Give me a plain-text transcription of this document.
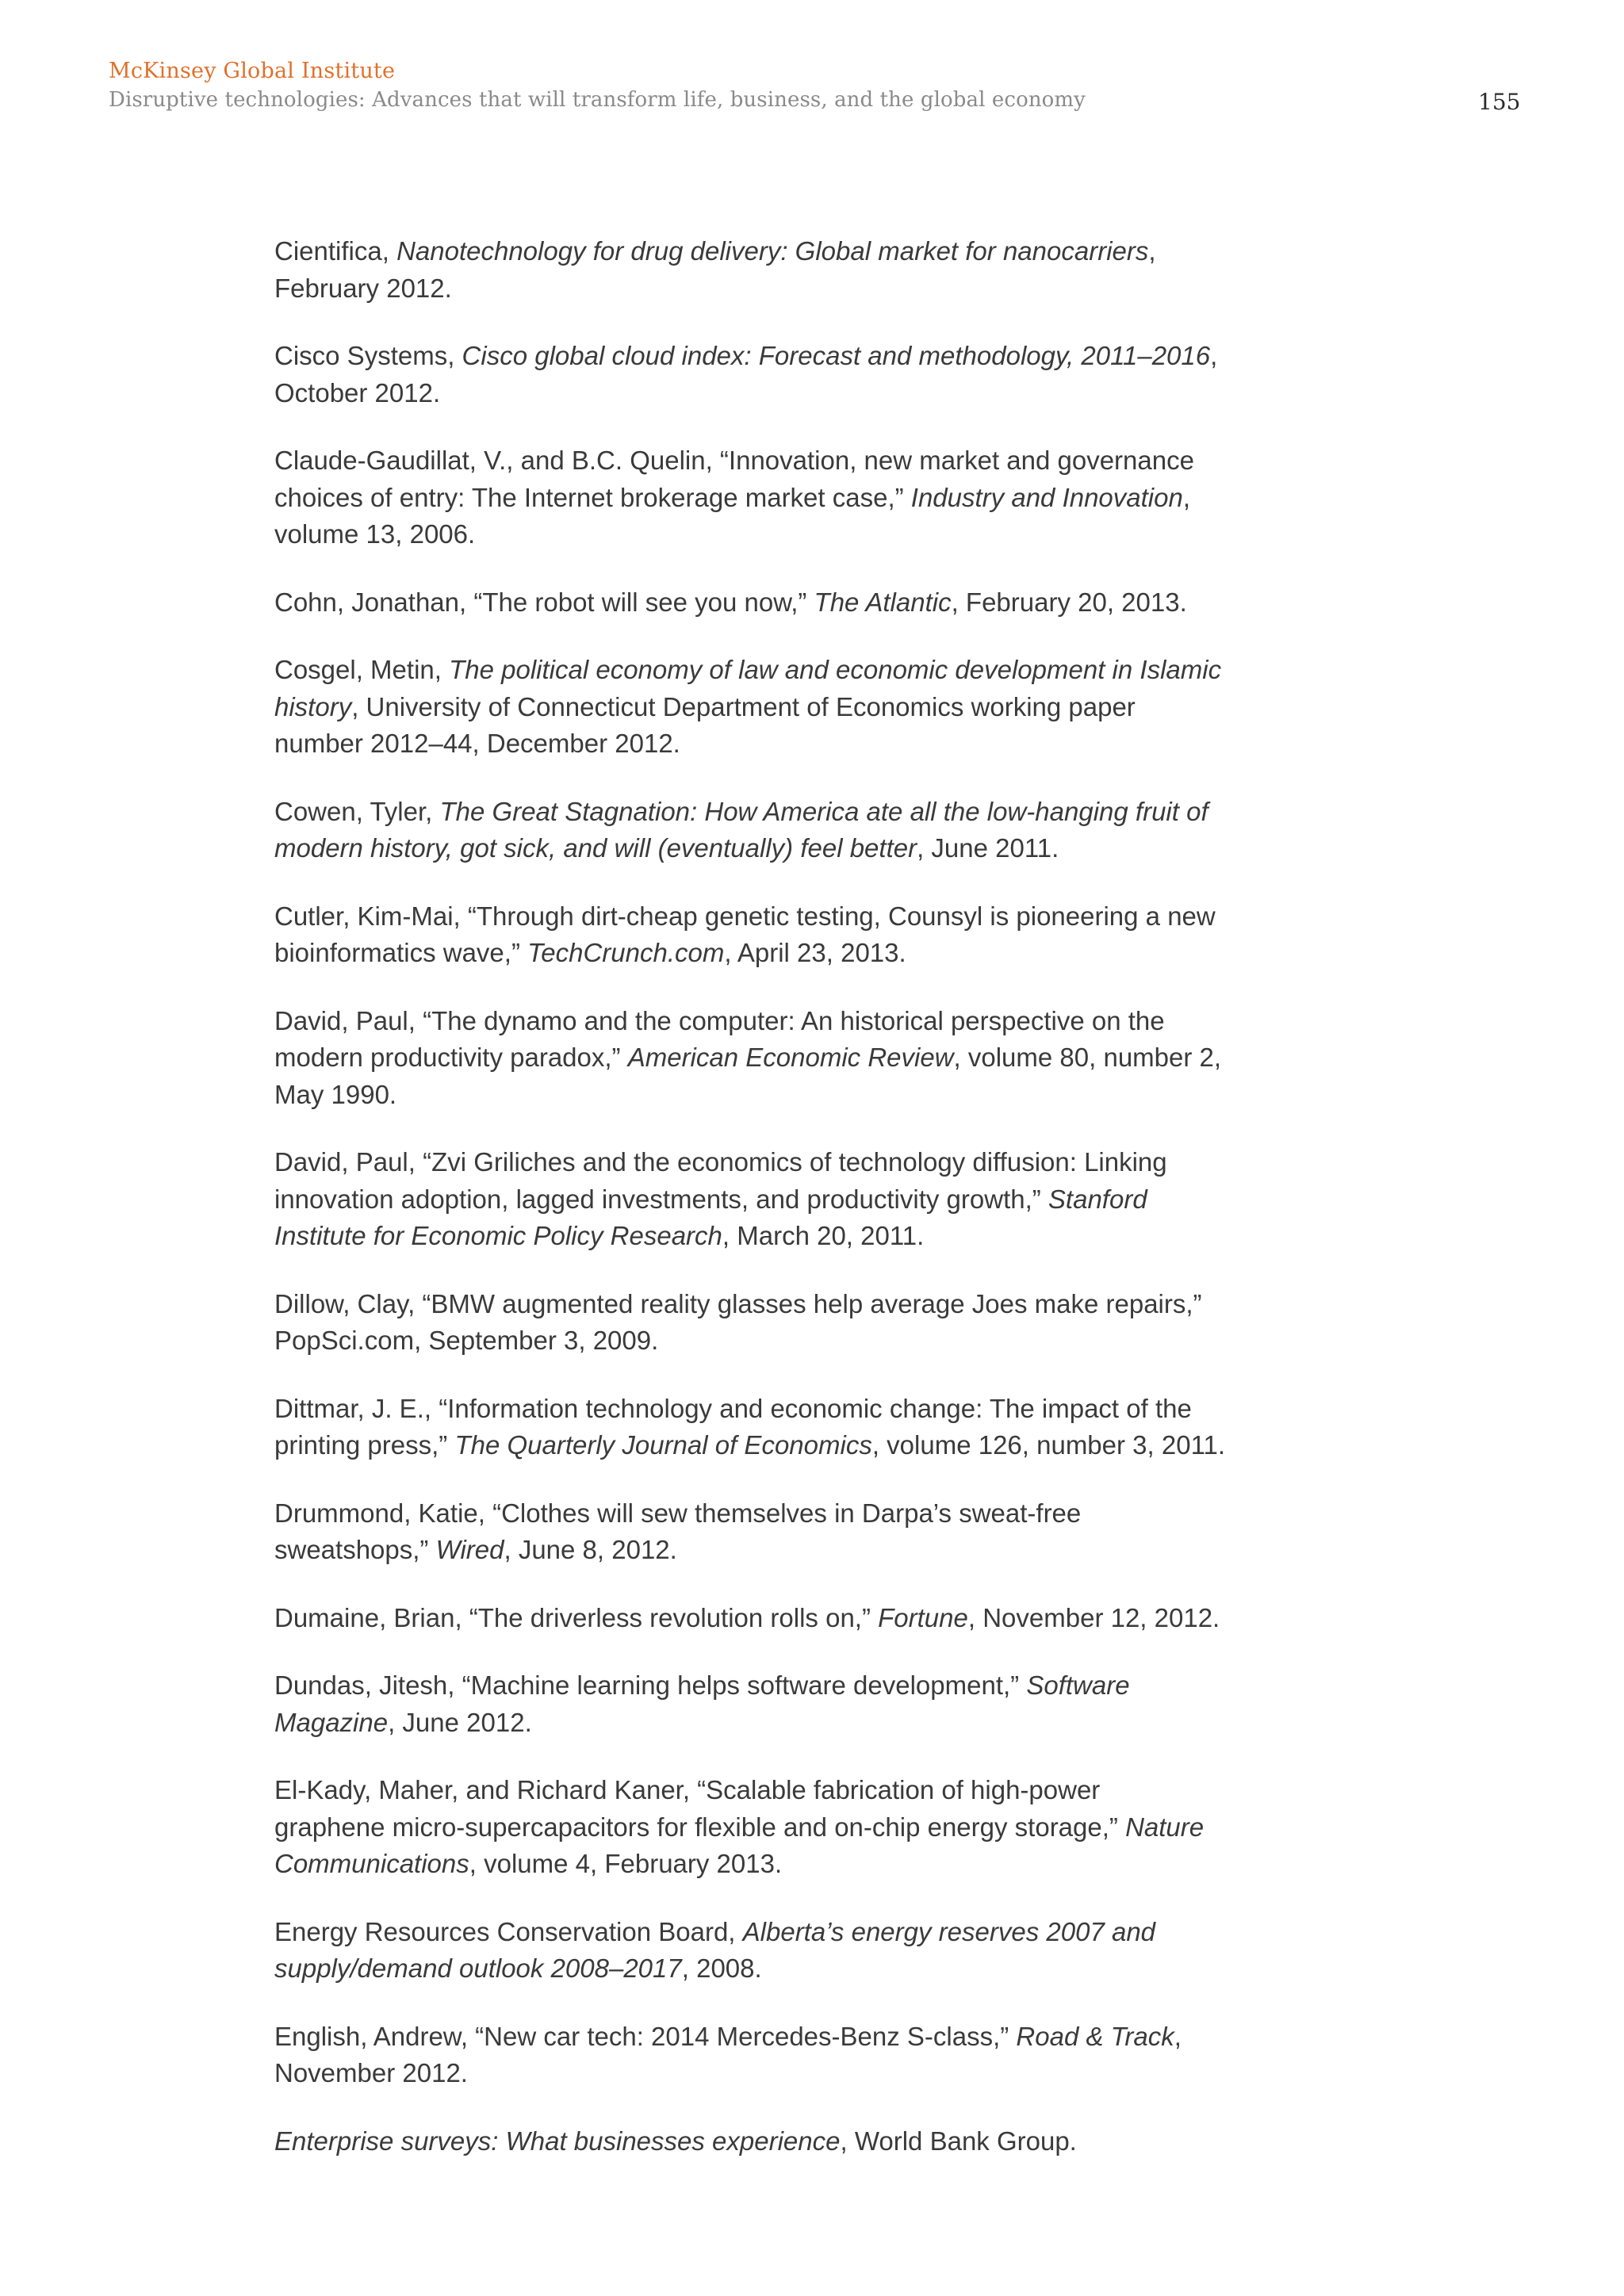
McKinsey Global Institute
Disruptive technologies: Advances that will transform life, business, and the global economy	155
Cientifica, Nanotechnology for drug delivery: Global market for nanocarriers,
February 2012.
Cisco Systems, Cisco global cloud index: Forecast and methodology, 2011–2016,
October 2012.
Claude-Gaudillat, V., and B.C. Quelin, “Innovation, new market and governance
choices of entry: The Internet brokerage market case,” Industry and Innovation,
volume 13, 2006.
Cohn, Jonathan, “The robot will see you now,” The Atlantic, February 20, 2013.
Cosgel, Metin, The political economy of law and economic development in Islamic
history, University of Connecticut Department of Economics working paper
number 2012–44, December 2012.
Cowen, Tyler, The Great Stagnation: How America ate all the low-hanging fruit of
modern history, got sick, and will (eventually) feel better, June 2011.
Cutler, Kim-Mai, “Through dirt-cheap genetic testing, Counsyl is pioneering a new
bioinformatics wave,” TechCrunch.com, April 23, 2013.
David, Paul, “The dynamo and the computer: An historical perspective on the
modern productivity paradox,” American Economic Review, volume 80, number 2,
May 1990.
David, Paul, “Zvi Griliches and the economics of technology diffusion: Linking
innovation adoption, lagged investments, and productivity growth,” Stanford
Institute for Economic Policy Research, March 20, 2011.
Dillow, Clay, “BMW augmented reality glasses help average Joes make repairs,”
PopSci.com, September 3, 2009.
Dittmar, J. E., “Information technology and economic change: The impact of the
printing press,” The Quarterly Journal of Economics, volume 126, number 3, 2011.
Drummond, Katie, “Clothes will sew themselves in Darpa’s sweat-free
sweatshops,” Wired, June 8, 2012.
Dumaine, Brian, “The driverless revolution rolls on,” Fortune, November 12, 2012.
Dundas, Jitesh, “Machine learning helps software development,” Software
Magazine, June 2012.
El-Kady, Maher, and Richard Kaner, “Scalable fabrication of high-power
graphene micro-supercapacitors for flexible and on-chip energy storage,” Nature
Communications, volume 4, February 2013.
Energy Resources Conservation Board, Alberta’s energy reserves 2007 and
supply/demand outlook 2008–2017, 2008.
English, Andrew, “New car tech: 2014 Mercedes-Benz S-class,” Road & Track,
November 2012.
Enterprise surveys: What businesses experience, World Bank Group.
